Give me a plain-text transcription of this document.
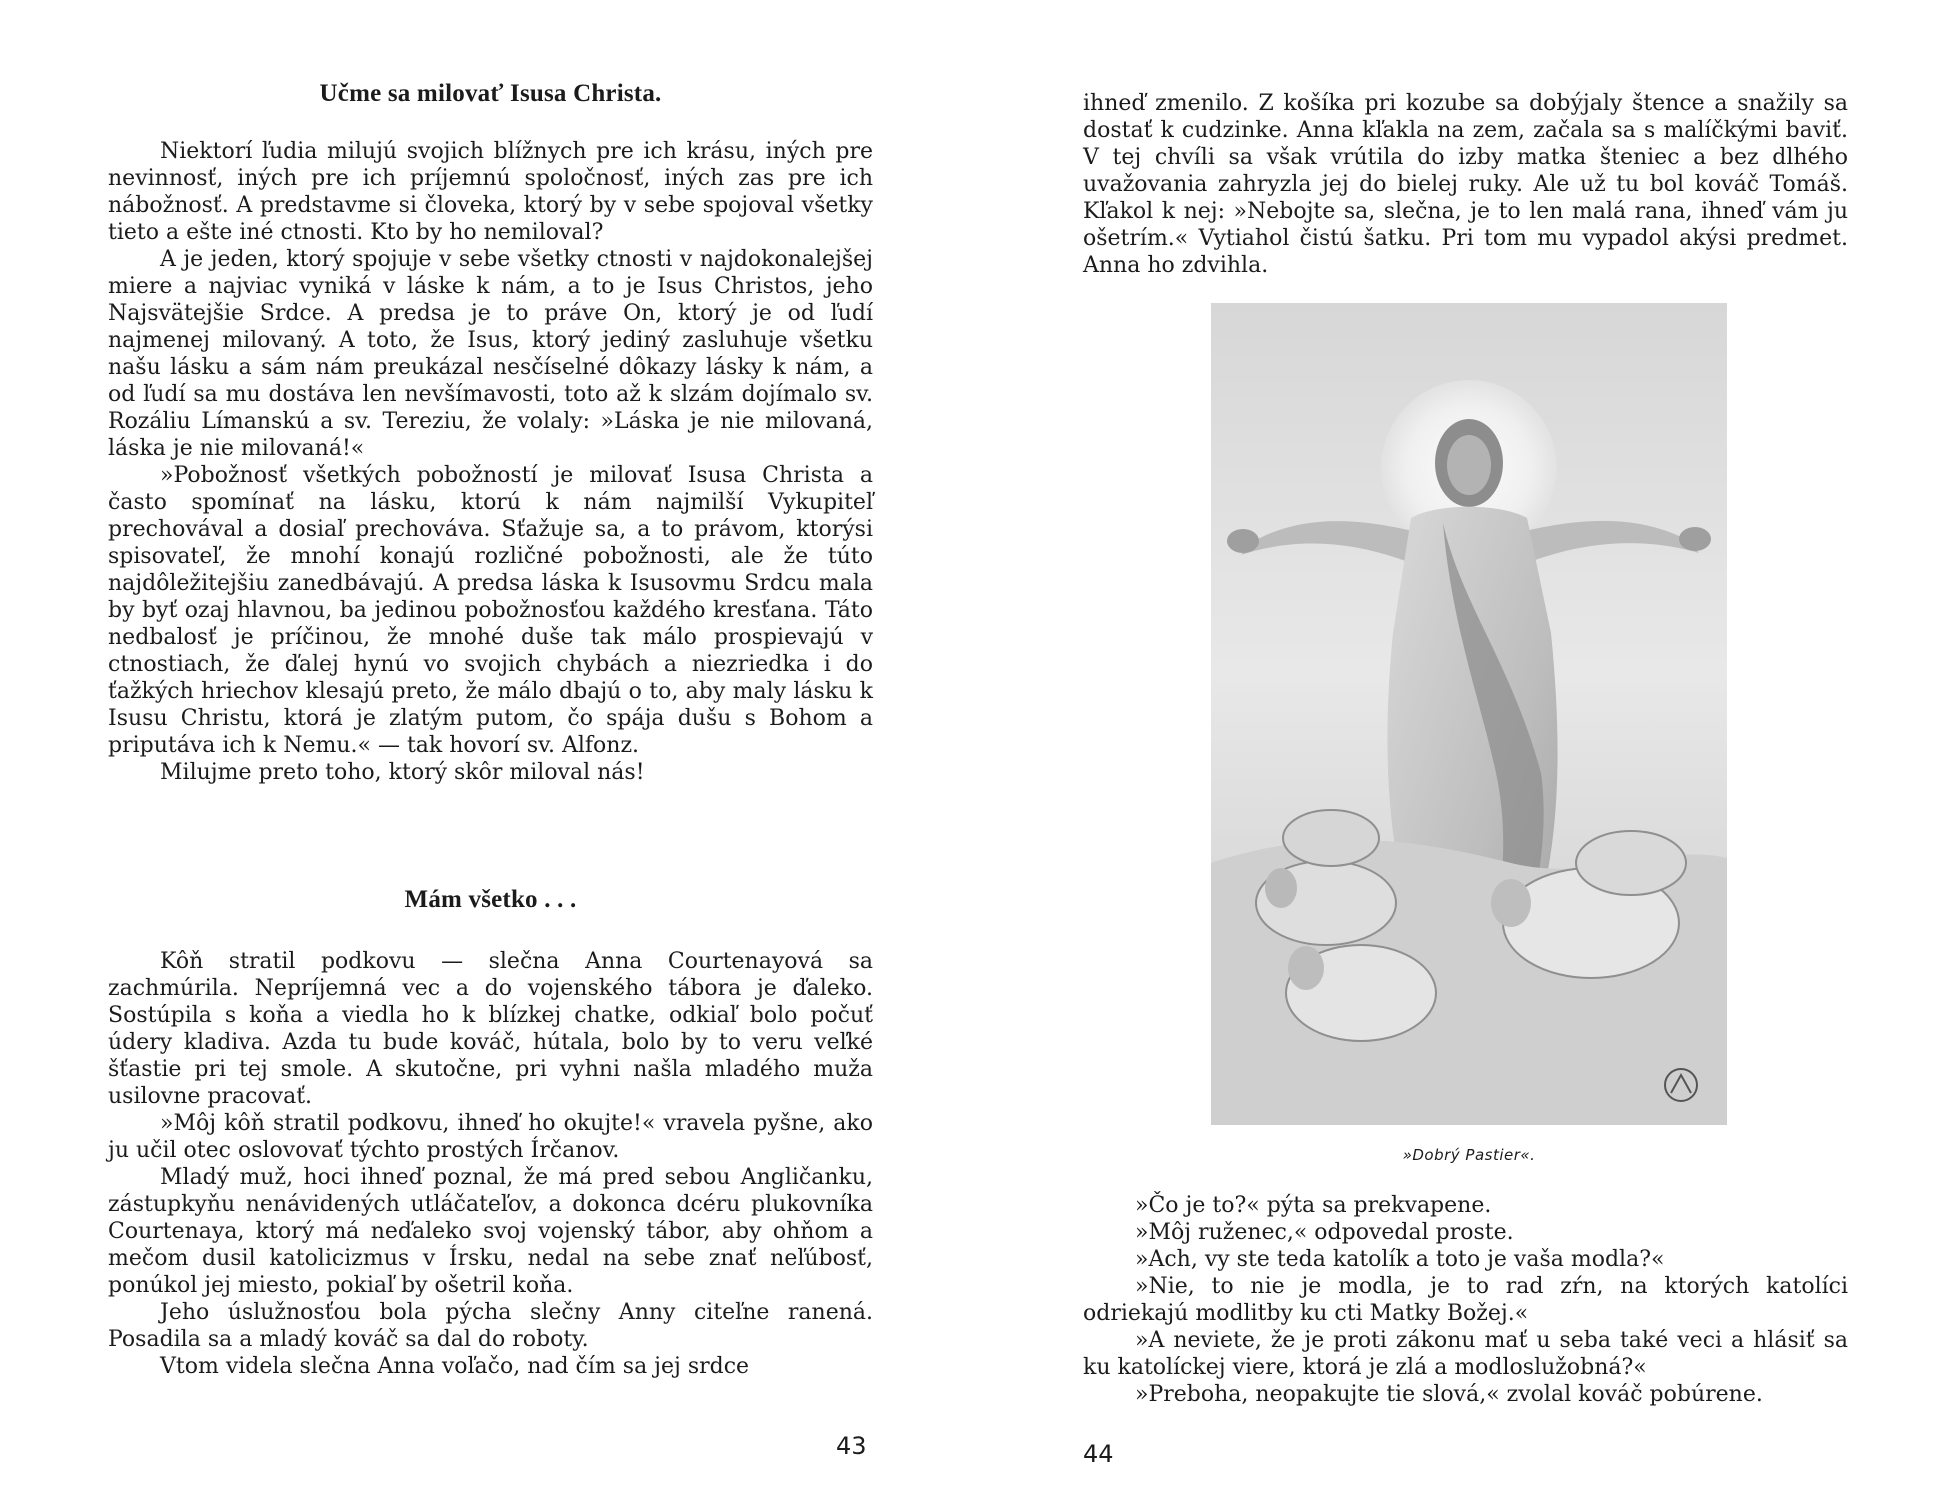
Učme sa milovať Isusa Christa.

Niektorí ľudia milujú svojich blížnych pre ich krásu, iných pre nevinnosť, iných pre ich príjemnú spoločnosť, iných zas pre ich nábožnosť. A predstavme si človeka, ktorý by v sebe spojoval všetky tieto a ešte iné ctnosti. Kto by ho nemiloval?

A je jeden, ktorý spojuje v sebe všetky ctnosti v najdokonalejšej miere a najviac vyniká v láske k nám, a to je Isus Christos, jeho Najsvätejšie Srdce. A predsa je to práve On, ktorý je od ľudí najmenej milovaný. A toto, že Isus, ktorý jediný zasluhuje všetku našu lásku a sám nám preukázal nesčíselné dôkazy lásky k nám, a od ľudí sa mu dostáva len nevšímavosti, toto až k slzám dojímalo sv. Rozáliu Límanskú a sv. Tereziu, že volaly: »Láska je nie milovaná, láska je nie milovaná!«

»Pobožnosť všetkých pobožností je milovať Isusa Christa a často spomínať na lásku, ktorú k nám najmilší Vykupiteľ prechovával a dosiaľ prechováva. Sťažuje sa, a to právom, ktorýsi spisovateľ, že mnohí konajú rozličné pobožnosti, ale že túto najdôležitejšiu zanedbávajú. A predsa láska k Isusovmu Srdcu mala by byť ozaj hlavnou, ba jedinou pobožnosťou každého kresťana. Táto nedbalosť je príčinou, že mnohé duše tak málo prospievajú v ctnostiach, že ďalej hynú vo svojich chybách a niezriedka i do ťažkých hriechov klesajú preto, že málo dbajú o to, aby maly lásku k Isusu Christu, ktorá je zlatým putom, čo spája dušu s Bohom a priputáva ich k Nemu.« — tak hovorí sv. Alfonz.

Milujme preto toho, ktorý skôr miloval nás!

Mám všetko . . .

Kôň stratil podkovu — slečna Anna Courtenayová sa zachmúrila. Nepríjemná vec a do vojenského tábora je ďaleko. Sostúpila s koňa a viedla ho k blízkej chatke, odkiaľ bolo počuť údery kladiva. Azda tu bude kováč, hútala, bolo by to veru veľké šťastie pri tej smole. A skutočne, pri vyhni našla mladého muža usilovne pracovať.

»Môj kôň stratil podkovu, ihneď ho okujte!« vravela pyšne, ako ju učil otec oslovovať týchto prostých Írčanov.

Mladý muž, hoci ihneď poznal, že má pred sebou Angličanku, zástupkyňu nenávidených utláčateľov, a dokonca dcéru plukovníka Courtenaya, ktorý má neďaleko svoj vojenský tábor, aby ohňom a mečom dusil katolicizmus v Írsku, nedal na sebe znať neľúbosť, ponúkol jej miesto, pokiaľ by ošetril koňa.

Jeho úslužnosťou bola pýcha slečny Anny citeľne ranená. Posadila sa a mladý kováč sa dal do roboty.

Vtom videla slečna Anna voľačo, nad čím sa jej srdce

43

ihneď zmenilo. Z košíka pri kozube sa dobýjaly štence a snažily sa dostať k cudzinke. Anna kľakla na zem, začala sa s malíčkými baviť. V tej chvíli sa však vrútila do izby matka šteniec a bez dlhého uvažovania zahryzla jej do bielej ruky. Ale už tu bol kováč Tomáš. Kľakol k nej: »Nebojte sa, slečna, je to len malá rana, ihneď vám ju ošetrím.« Vytiahol čistú šatku. Pri tom mu vypadol akýsi predmet. Anna ho zdvihla.

»Dobrý Pastier«.

»Čo je to?« pýta sa prekvapene.

»Môj ruženec,« odpovedal proste.

»Ach, vy ste teda katolík a toto je vaša modla?«

»Nie, to nie je modla, je to rad zŕn, na ktorých katolíci odriekajú modlitby ku cti Matky Božej.«

»A neviete, že je proti zákonu mať u seba také veci a hlásiť sa ku katolíckej viere, ktorá je zlá a modloslužobná?«

»Preboha, neopakujte tie slová,« zvolal kováč pobúrene.

44
